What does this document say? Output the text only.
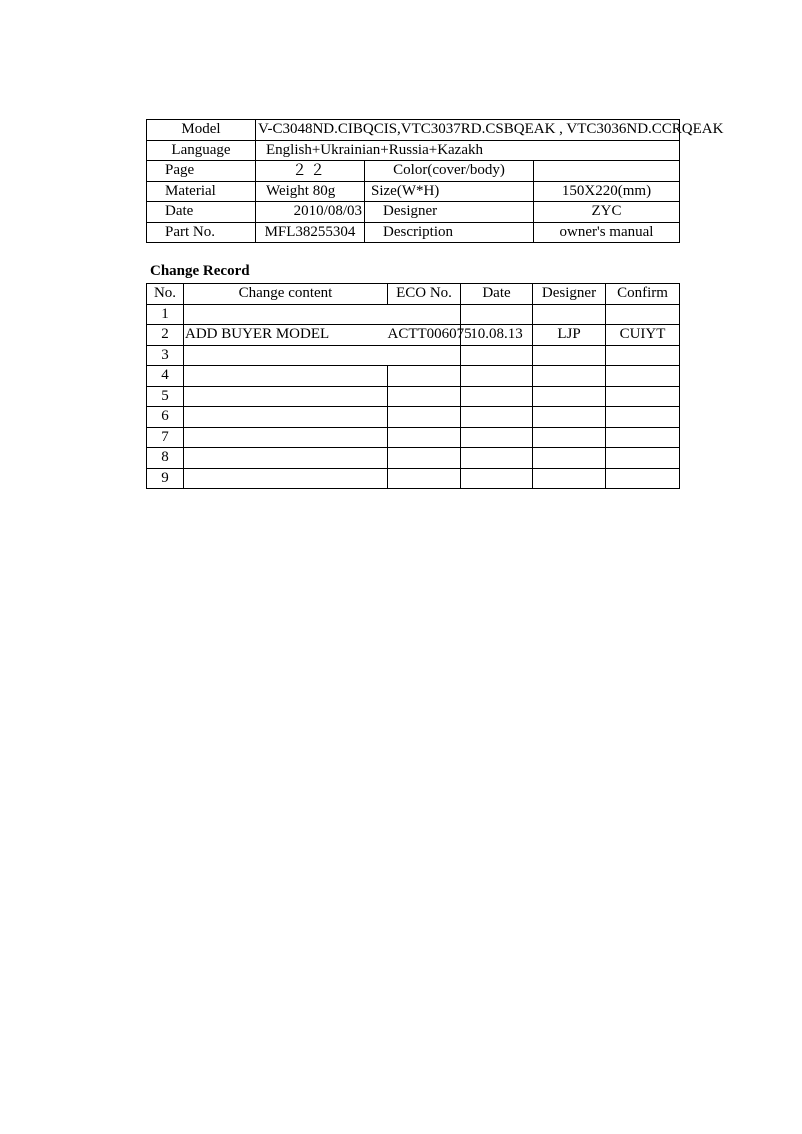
Model	V-C3048ND.CIBQCIS,VTC3037RD.CSBQEAK , VTC3036ND.CCRQEAK		
Language	English+Ukrainian+Russia+Kazakh		
Page	２２	Color(cover/body)	
Material	Weight 80g	Size(W*H)	150X220(mm)
Date	2010/08/03	Designer	ZYC
Part No.	MFL38255304	Description	owner's manual
Change Record
No.	Change content	ECO No.	Date	Designer	Confirm
1					
2	ADD BUYER MODEL	ACTT006075	10.08.13	LJP	CUIYT
3					
4					
5					
6					
7					
8					
9					
